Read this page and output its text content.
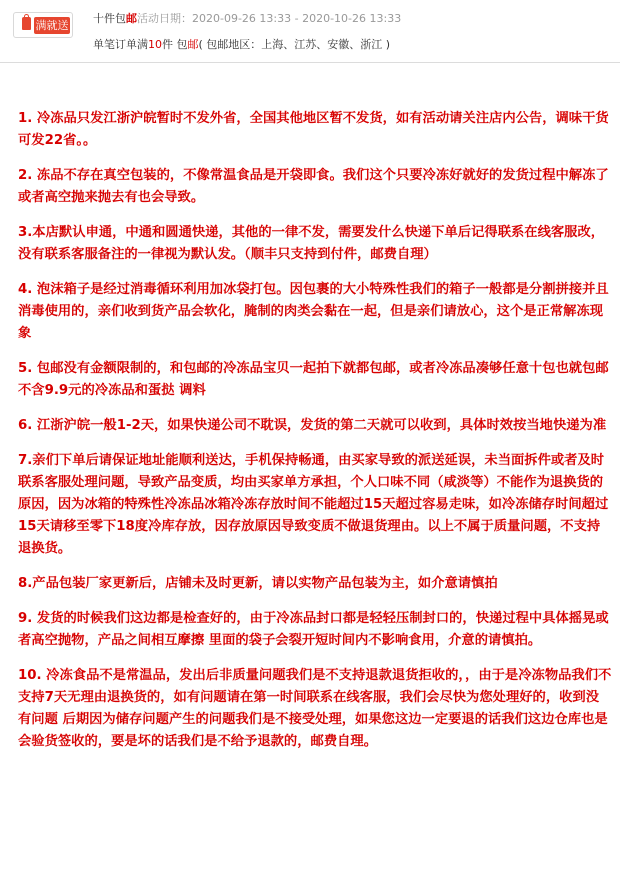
满就送
十件包邮活动日期：2020-09-26 13:33 - 2020-10-26 13:33
单笔订单满10件 包邮( 包邮地区：上海、江苏、安徽、浙江 )

1. 冷冻品只发江浙沪皖暂时不发外省，全国其他地区暂不发货，如有活动请关注店内公告，调味干货可发22省。。

2. 冻品不存在真空包装的，不像常温食品是开袋即食。我们这个只要冷冻好就好的发货过程中解冻了或者高空抛来抛去有也会导致。

3.本店默认申通，中通和圆通快递，其他的一律不发，需要发什么快递下单后记得联系在线客服改，没有联系客服备注的一律视为默认发。（顺丰只支持到付件，邮费自理）

4. 泡沫箱子是经过消毒循环利用加冰袋打包。因包裹的大小特殊性我们的箱子一般都是分割拼接并且消毒使用的，亲们收到货产品会软化，腌制的肉类会黏在一起，但是亲们请放心，这个是正常解冻现象

5. 包邮没有金额限制的，和包邮的冷冻品宝贝一起拍下就都包邮，或者冷冻品凑够任意十包也就包邮不含9.9元的冷冻品和蛋挞 调料

6. 江浙沪皖一般1-2天，如果快递公司不耽误，发货的第二天就可以收到，具体时效按当地快递为准

7.亲们下单后请保证地址能顺利送达，手机保持畅通，由买家导致的派送延误，未当面拆件或者及时联系客服处理问题，导致产品变质，均由买家单方承担，个人口味不同（咸淡等）不能作为退换货的原因，因为冰箱的特殊性冷冻品冰箱冷冻存放时间不能超过15天超过容易走味，如冷冻储存时间超过15天请移至零下18度冷库存放，因存放原因导致变质不做退货理由。以上不属于质量问题，不支持退换货。

8.产品包装厂家更新后，店铺未及时更新，请以实物产品包装为主，如介意请慎拍

9. 发货的时候我们这边都是检查好的，由于冷冻品封口都是轻轻压制封口的，快递过程中具体摇晃或者高空抛物，产品之间相互摩擦 里面的袋子会裂开短时间内不影响食用，介意的请慎拍。

10. 冷冻食品不是常温品，发出后非质量问题我们是不支持退款退货拒收的，，由于是冷冻物品我们不支持7天无理由退换货的，如有问题请在第一时间联系在线客服，我们会尽快为您处理好的，收到没有问题 后期因为储存问题产生的问题我们是不接受处理，如果您这边一定要退的话我们这边仓库也是会验货签收的，要是坏的话我们是不给予退款的，邮费自理。
